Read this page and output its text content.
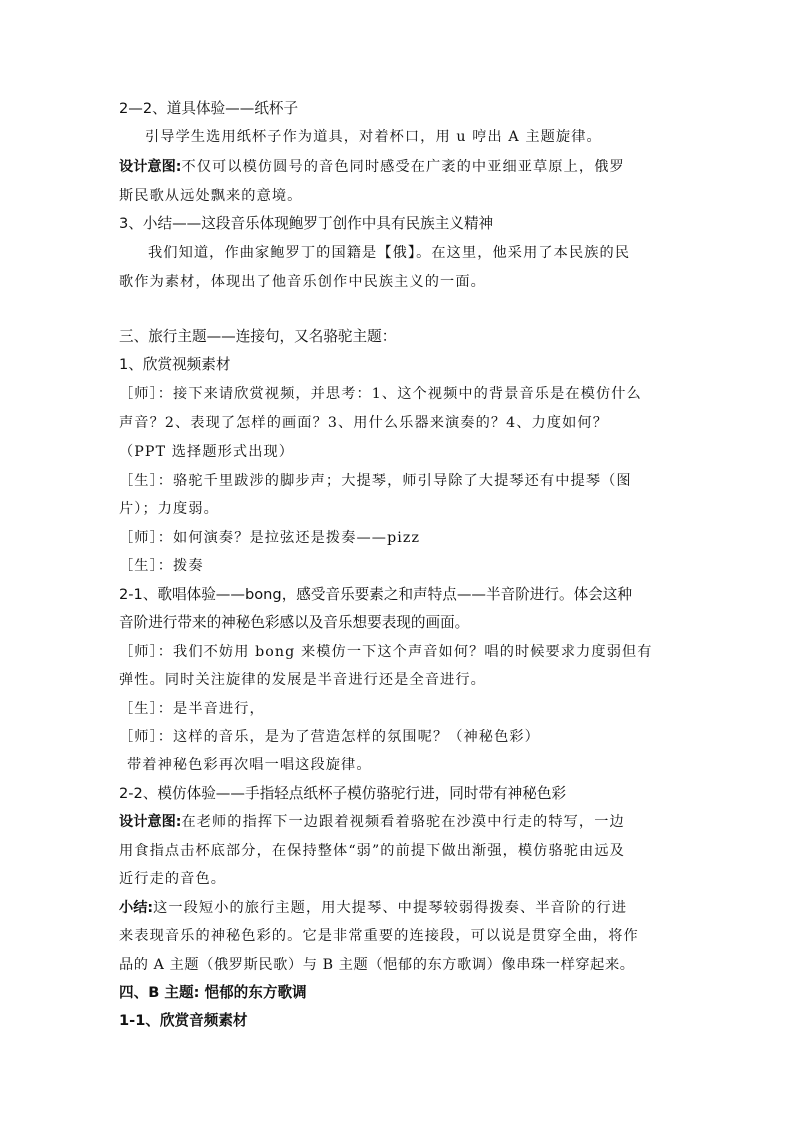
2—2、道具体验——纸杯子
引导学生选用纸杯子作为道具，对着杯口，用 u 哼出 A 主题旋律。
设计意图:不仅可以模仿圆号的音色同时感受在广袤的中亚细亚草原上，俄罗
斯民歌从远处飘来的意境。
3、小结——这段音乐体现鲍罗丁创作中具有民族主义精神
我们知道，作曲家鲍罗丁的国籍是【俄】。在这里，他采用了本民族的民
歌作为素材，体现出了他音乐创作中民族主义的一面。
三、旅行主题——连接句，又名骆驼主题：
1、欣赏视频素材
［师］：接下来请欣赏视频，并思考：1、这个视频中的背景音乐是在模仿什么
声音？2、表现了怎样的画面？3、用什么乐器来演奏的？4、力度如何？
（PPT 选择题形式出现）
［生］：骆驼千里跋涉的脚步声；大提琴，师引导除了大提琴还有中提琴（图
片）；力度弱。
［师］：如何演奏？是拉弦还是拨奏——pizz
［生］：拨奏
2-1、歌唱体验——bong，感受音乐要素之和声特点——半音阶进行。体会这种
音阶进行带来的神秘色彩感以及音乐想要表现的画面。
［师］：我们不妨用 bong 来模仿一下这个声音如何？唱的时候要求力度弱但有
弹性。同时关注旋律的发展是半音进行还是全音进行。
［生］：是半音进行，
［师］：这样的音乐，是为了营造怎样的氛围呢？（神秘色彩）
带着神秘色彩再次唱一唱这段旋律。
2-2、模仿体验——手指轻点纸杯子模仿骆驼行进，同时带有神秘色彩
设计意图:在老师的指挥下一边跟着视频看着骆驼在沙漠中行走的特写，一边
用食指点击杯底部分，在保持整体“弱”的前提下做出渐强，模仿骆驼由远及
近行走的音色。
小结:这一段短小的旅行主题，用大提琴、中提琴较弱得拨奏、半音阶的行进
来表现音乐的神秘色彩的。它是非常重要的连接段，可以说是贯穿全曲，将作
品的 A 主题（俄罗斯民歌）与 B 主题（悒郁的东方歌调）像串珠一样穿起来。
四、B 主题: 悒郁的东方歌调
1-1、欣赏音频素材
